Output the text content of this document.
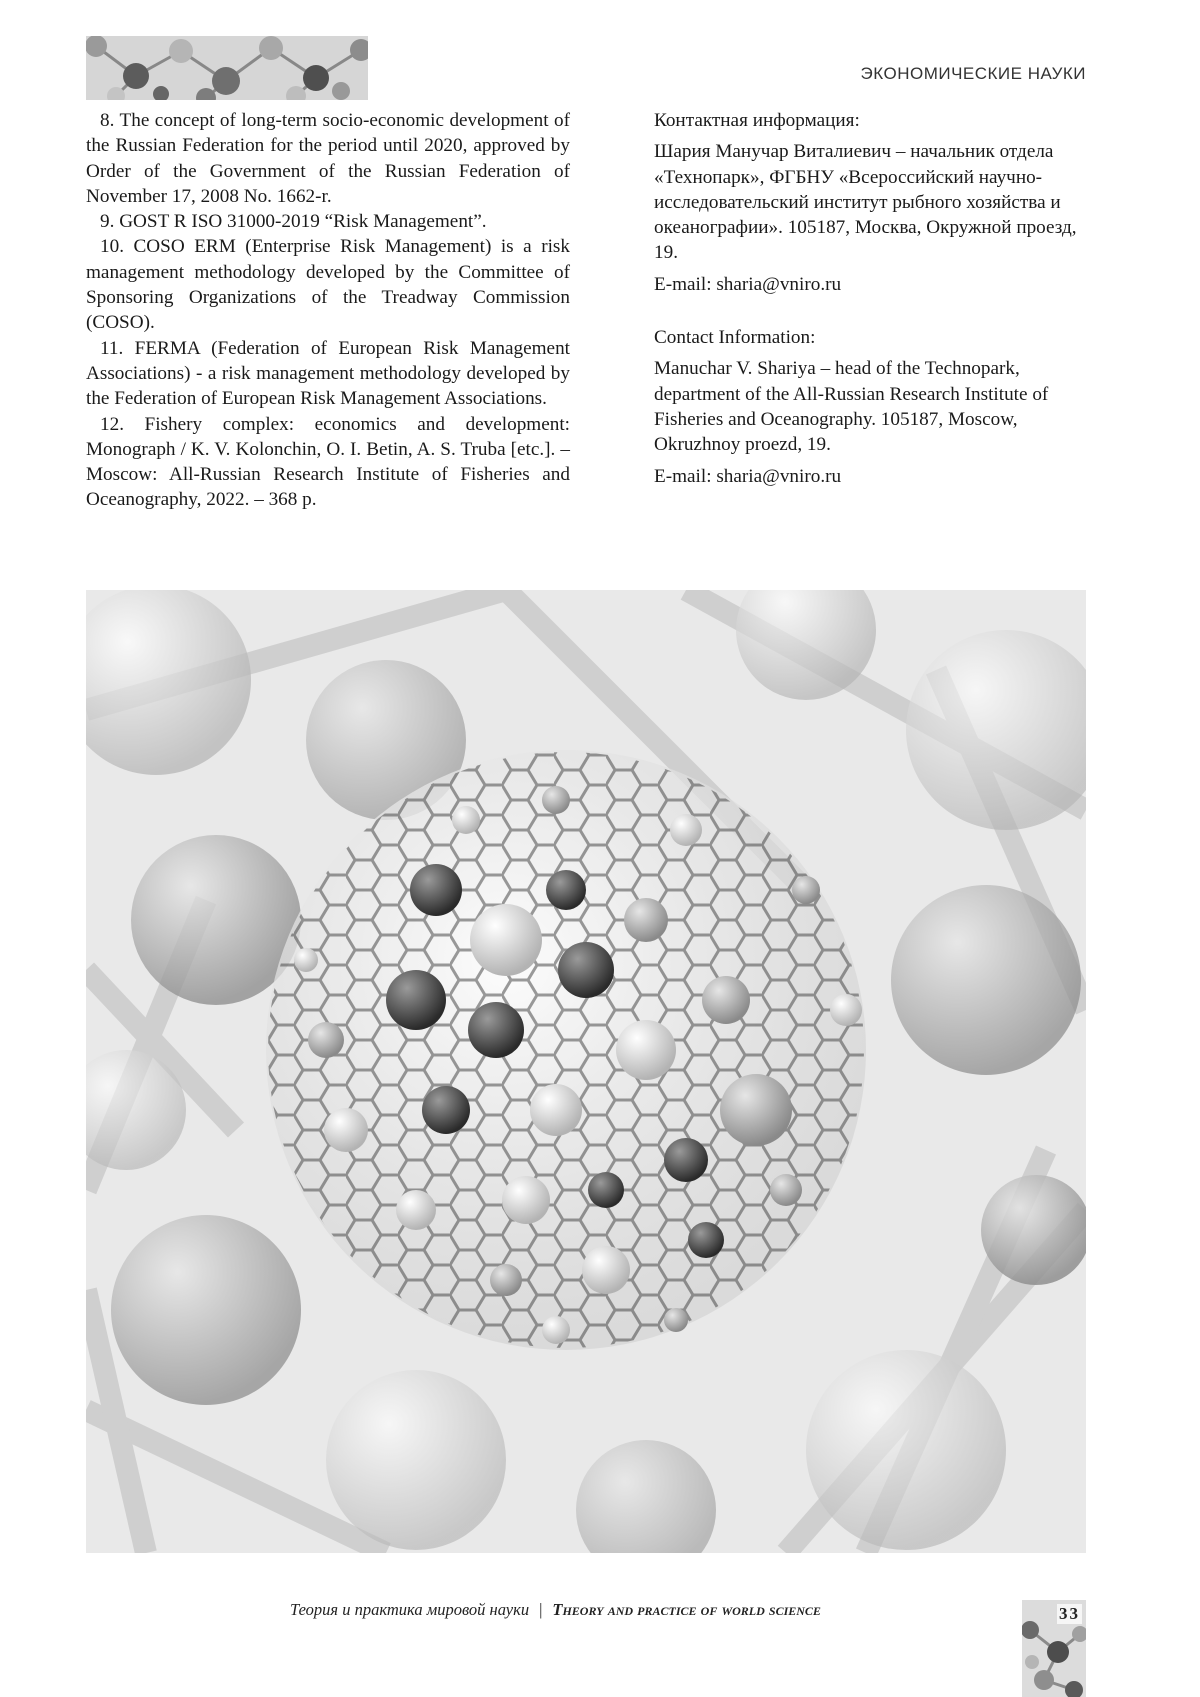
ЭКОНОМИЧЕСКИЕ НАУКИ

8. The concept of long-term socio-economic development of the Russian Federation for the period until 2020, approved by Order of the Government of the Russian Federation of November 17, 2008 No. 1662-r.

9. GOST R ISO 31000-2019 “Risk Management”.

10. COSO ERM (Enterprise Risk Management) is a risk management methodology developed by the Committee of Sponsoring Organizations of the Treadway Commission (COSO).

11. FERMA (Federation of European Risk Management Associations) - a risk management methodology developed by the Federation of European Risk Management Associations.

12. Fishery complex: economics and development: Monograph / K. V. Kolonchin, O. I. Betin, A. S. Truba [etc.]. – Moscow: All-Russian Research Institute of Fisheries and Oceanography, 2022. – 368 p.

Контактная информация:

Шария Манучар Виталиевич – начальник отдела «Технопарк», ФГБНУ «Всероссийский научно-исследовательский институт рыбного хозяйства и океанографии». 105187, Москва, Окружной проезд, 19.

E-mail: sharia@vniro.ru

Contact Information:

Manuchar V. Shariya – head of the Technopark, department of the All-Russian Research Institute of Fisheries and Oceanography. 105187, Moscow, Okruzhnoy proezd, 19.

E-mail: sharia@vniro.ru

Теория и практика мировой науки | Theory and practice of world science	33
